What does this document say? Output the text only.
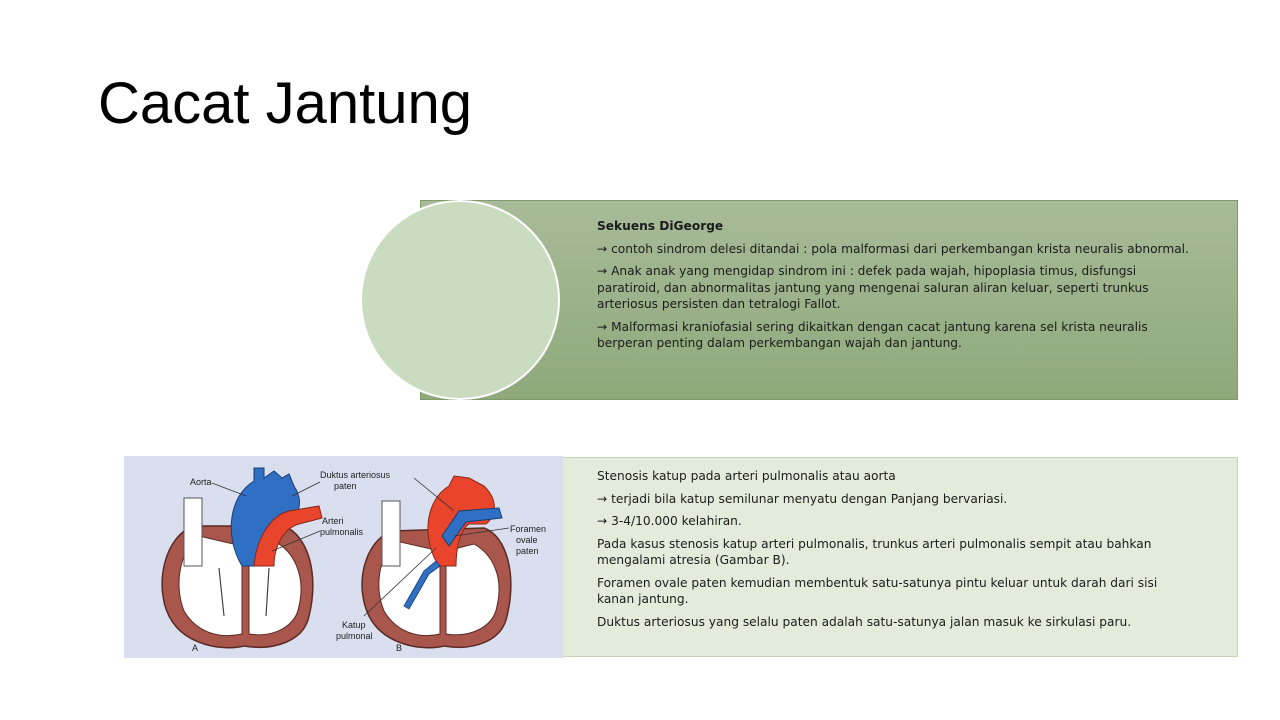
Cacat Jantung

Sekuens DiGeorge

→ contoh sindrom delesi ditandai : pola malformasi dari perkembangan krista neuralis abnormal.

→ Anak anak yang mengidap sindrom ini : defek pada wajah, hipoplasia timus, disfungsi paratiroid, dan abnormalitas jantung yang mengenai saluran aliran keluar, seperti trunkus arteriosus persisten dan tetralogi Fallot.

→ Malformasi kraniofasial sering dikaitkan dengan cacat jantung karena sel krista neuralis berperan penting dalam perkembangan wajah dan jantung.

Stenosis katup pada arteri pulmonalis atau aorta

→ terjadi bila katup semilunar menyatu dengan Panjang bervariasi.

→ 3-4/10.000 kelahiran.

Pada kasus stenosis katup arteri pulmonalis, trunkus arteri pulmonalis sempit atau bahkan mengalami atresia (Gambar B).

Foramen ovale paten kemudian membentuk satu-satunya pintu keluar untuk darah dari sisi kanan jantung.

Duktus arteriosus yang selalu paten adalah satu-satunya jalan masuk ke sirkulasi paru.

Aorta
Duktus arteriosus
paten
Arteri
pulmonalis
A
Foramen
ovale
paten
Katup
pulmonal
B
